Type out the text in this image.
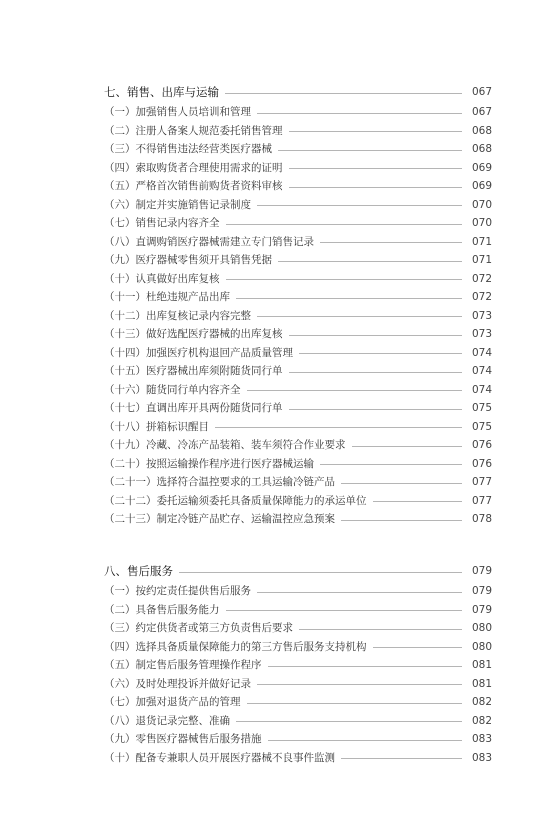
七、销售、出库与运输	067
（一）加强销售人员培训和管理	067
（二）注册人备案人规范委托销售管理	068
（三）不得销售违法经营类医疗器械	068
（四）索取购货者合理使用需求的证明	069
（五）严格首次销售前购货者资料审核	069
（六）制定并实施销售记录制度	070
（七）销售记录内容齐全	070
（八）直调购销医疗器械需建立专门销售记录	071
（九）医疗器械零售须开具销售凭据	071
（十）认真做好出库复核	072
（十一）杜绝违规产品出库	072
（十二）出库复核记录内容完整	073
（十三）做好选配医疗器械的出库复核	073
（十四）加强医疗机构退回产品质量管理	074
（十五）医疗器械出库须附随货同行单	074
（十六）随货同行单内容齐全	074
（十七）直调出库开具两份随货同行单	075
（十八）拼箱标识醒目	075
（十九）冷藏、冷冻产品装箱、装车须符合作业要求	076
（二十）按照运输操作程序进行医疗器械运输	076
（二十一）选择符合温控要求的工具运输冷链产品	077
（二十二）委托运输须委托具备质量保障能力的承运单位	077
（二十三）制定冷链产品贮存、运输温控应急预案	078
八、售后服务	079
（一）按约定责任提供售后服务	079
（二）具备售后服务能力	079
（三）约定供货者或第三方负责售后要求	080
（四）选择具备质量保障能力的第三方售后服务支持机构	080
（五）制定售后服务管理操作程序	081
（六）及时处理投诉并做好记录	081
（七）加强对退货产品的管理	082
（八）退货记录完整、准确	082
（九）零售医疗器械售后服务措施	083
（十）配备专兼职人员开展医疗器械不良事件监测	083
